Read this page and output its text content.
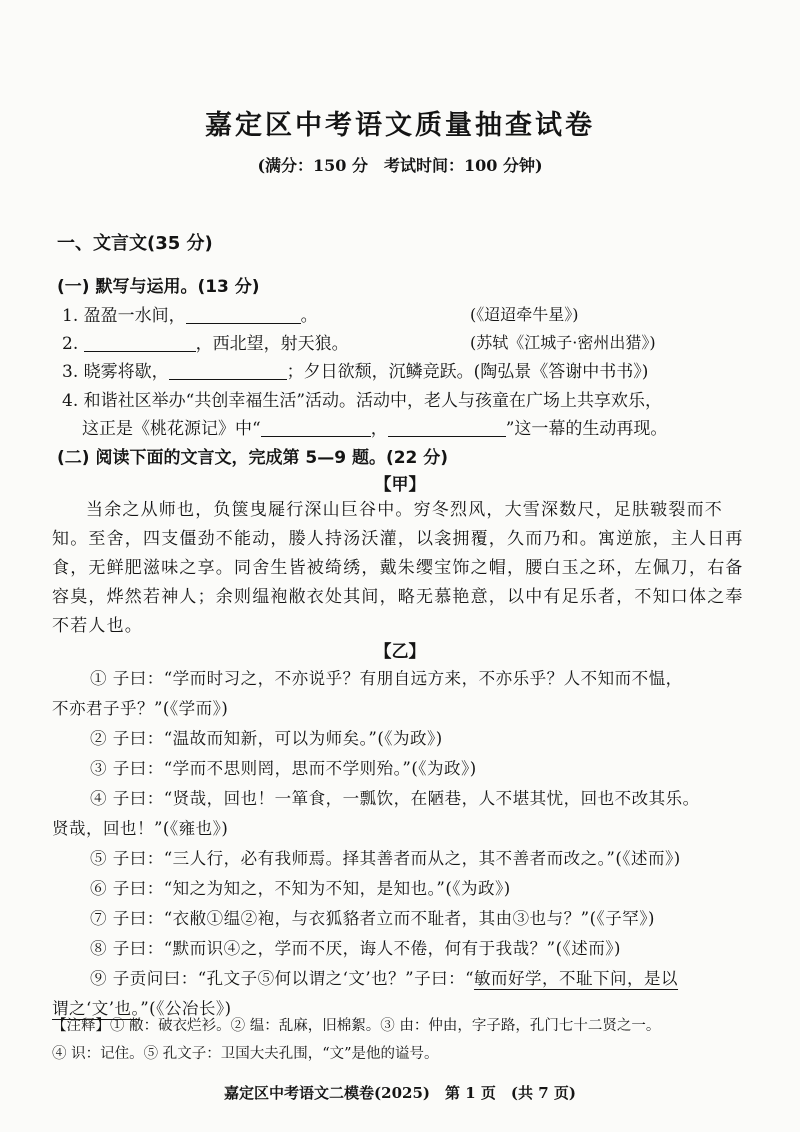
嘉定区中考语文质量抽查试卷
(满分：150 分　考试时间：100 分钟)
一、文言文(35 分)
(一) 默写与运用。(13 分)
1. 盈盈一水间，	。	(《迢迢牵牛星》)
2.	，西北望，射天狼。	(苏轼《江城子·密州出猎》)
3. 晓雾将歇，	；夕日欲颓，沉鳞竞跃。(陶弘景《答谢中书书》)
4. 和谐社区举办“共创幸福生活”活动。活动中，老人与孩童在广场上共享欢乐，
这正是《桃花源记》中“	，	”这一幕的生动再现。
(二) 阅读下面的文言文，完成第 5—9 题。(22 分)
【甲】

当余之从师也，负箧曳屣行深山巨谷中。穷冬烈风，大雪深数尺，足肤皲裂而不知。至舍，四支僵劲不能动，媵人持汤沃灌，以衾拥覆，久而乃和。寓逆旅，主人日再食，无鲜肥滋味之享。同舍生皆被绮绣，戴朱缨宝饰之帽，腰白玉之环，左佩刀，右备容臭，烨然若神人；余则缊袍敝衣处其间，略无慕艳意，以中有足乐者，不知口体之奉不若人也。

【乙】
① 子曰：“学而时习之，不亦说乎？有朋自远方来，不亦乐乎？人不知而不愠，
不亦君子乎？”(《学而》)
② 子曰：“温故而知新，可以为师矣。”(《为政》)
③ 子曰：“学而不思则罔，思而不学则殆。”(《为政》)
④ 子曰：“贤哉，回也！一箪食，一瓢饮，在陋巷，人不堪其忧，回也不改其乐。
贤哉，回也！”(《雍也》)
⑤ 子曰：“三人行，必有我师焉。择其善者而从之，其不善者而改之。”(《述而》)
⑥ 子曰：“知之为知之，不知为不知，是知也。”(《为政》)
⑦ 子曰：“衣敝①缊②袍，与衣狐貉者立而不耻者，其由③也与？”(《子罕》)
⑧ 子曰：“默而识④之，学而不厌，诲人不倦，何有于我哉？”(《述而》)
⑨ 子贡问曰：“孔文子⑤何以谓之‘文’也？”子曰：“敏而好学，不耻下问，是以
谓之‘文’也。”(《公冶长》)
【注释】① 敝：破衣烂衫。② 缊：乱麻，旧棉絮。③ 由：仲由，字子路，孔门七十二贤之一。
④ 识：记住。⑤ 孔文子：卫国大夫孔围，“文”是他的谥号。
嘉定区中考语文二模卷(2025)　第 1 页　(共 7 页)
